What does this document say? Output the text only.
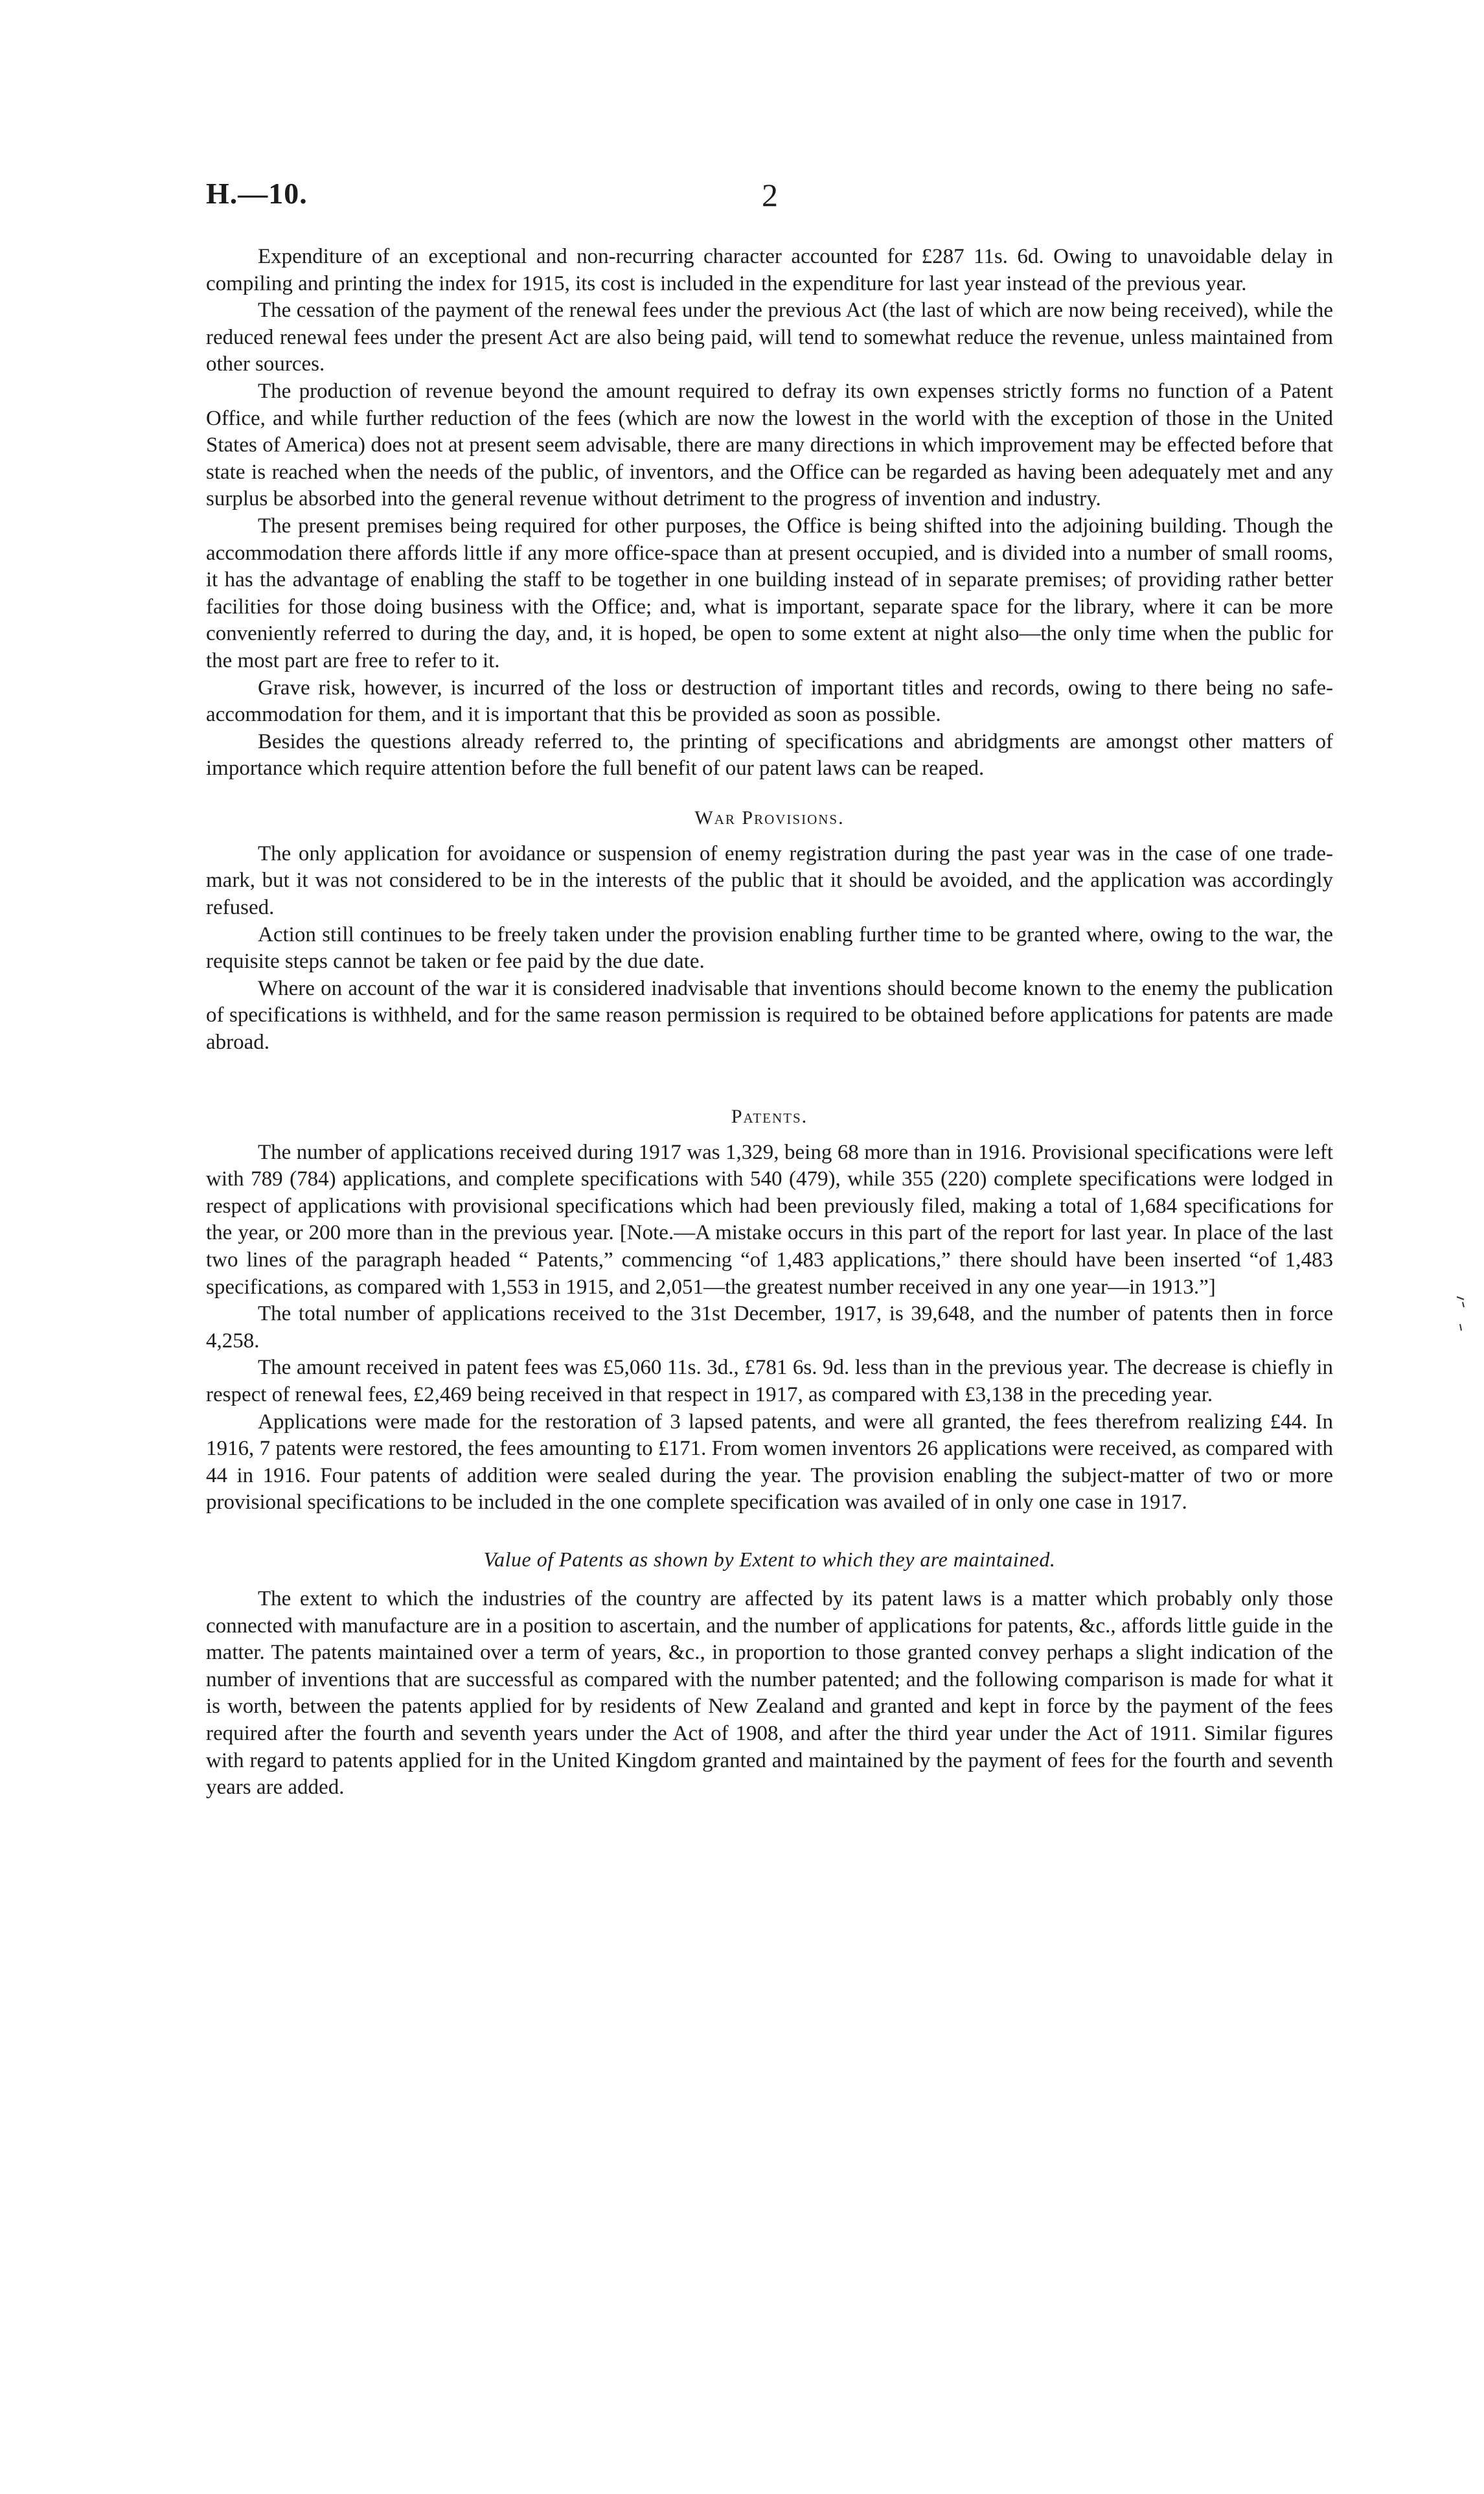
H.—10.	2

Expenditure of an exceptional and non-recurring character accounted for £287 11s. 6d. Owing to unavoidable delay in compiling and printing the index for 1915, its cost is included in the expenditure for last year instead of the previous year.

The cessation of the payment of the renewal fees under the previous Act (the last of which are now being received), while the reduced renewal fees under the present Act are also being paid, will tend to somewhat reduce the revenue, unless maintained from other sources.

The production of revenue beyond the amount required to defray its own expenses strictly forms no function of a Patent Office, and while further reduction of the fees (which are now the lowest in the world with the exception of those in the United States of America) does not at present seem advisable, there are many directions in which improvement may be effected before that state is reached when the needs of the public, of inventors, and the Office can be regarded as having been adequately met and any surplus be absorbed into the general revenue without detriment to the progress of invention and industry.

The present premises being required for other purposes, the Office is being shifted into the adjoining building. Though the accommodation there affords little if any more office-space than at present occupied, and is divided into a number of small rooms, it has the advantage of enabling the staff to be together in one building instead of in separate premises; of providing rather better facilities for those doing business with the Office; and, what is important, separate space for the library, where it can be more conveniently referred to during the day, and, it is hoped, be open to some extent at night also—the only time when the public for the most part are free to refer to it.

Grave risk, however, is incurred of the loss or destruction of important titles and records, owing to there being no safe-accommodation for them, and it is important that this be provided as soon as possible.

Besides the questions already referred to, the printing of specifications and abridgments are amongst other matters of importance which require attention before the full benefit of our patent laws can be reaped.

War Provisions.

The only application for avoidance or suspension of enemy registration during the past year was in the case of one trade-mark, but it was not considered to be in the interests of the public that it should be avoided, and the application was accordingly refused.

Action still continues to be freely taken under the provision enabling further time to be granted where, owing to the war, the requisite steps cannot be taken or fee paid by the due date.

Where on account of the war it is considered inadvisable that inventions should become known to the enemy the publication of specifications is withheld, and for the same reason permission is required to be obtained before applications for patents are made abroad.

Patents.

The number of applications received during 1917 was 1,329, being 68 more than in 1916. Provisional specifications were left with 789 (784) applications, and complete specifications with 540 (479), while 355 (220) complete specifications were lodged in respect of applications with provisional specifications which had been previously filed, making a total of 1,684 specifications for the year, or 200 more than in the previous year. [Note.—A mistake occurs in this part of the report for last year. In place of the last two lines of the paragraph headed “ Patents,” commencing “of 1,483 applications,” there should have been inserted “of 1,483 specifications, as compared with 1,553 in 1915, and 2,051—the greatest number received in any one year—in 1913.”]

The total number of applications received to the 31st December, 1917, is 39,648, and the number of patents then in force 4,258.

The amount received in patent fees was £5,060 11s. 3d., £781 6s. 9d. less than in the previous year. The decrease is chiefly in respect of renewal fees, £2,469 being received in that respect in 1917, as compared with £3,138 in the preceding year.

Applications were made for the restoration of 3 lapsed patents, and were all granted, the fees therefrom realizing £44. In 1916, 7 patents were restored, the fees amounting to £171. From women inventors 26 applications were received, as compared with 44 in 1916. Four patents of addition were sealed during the year. The provision enabling the subject-matter of two or more provisional specifications to be included in the one complete specification was availed of in only one case in 1917.

Value of Patents as shown by Extent to which they are maintained.

The extent to which the industries of the country are affected by its patent laws is a matter which probably only those connected with manufacture are in a position to ascertain, and the number of applications for patents, &c., affords little guide in the matter. The patents maintained over a term of years, &c., in proportion to those granted convey perhaps a slight indication of the number of inventions that are successful as compared with the number patented; and the following comparison is made for what it is worth, between the patents applied for by residents of New Zealand and granted and kept in force by the payment of the fees required after the fourth and seventh years under the Act of 1908, and after the third year under the Act of 1911. Similar figures with regard to patents applied for in the United Kingdom granted and maintained by the payment of fees for the fourth and seventh years are added.
